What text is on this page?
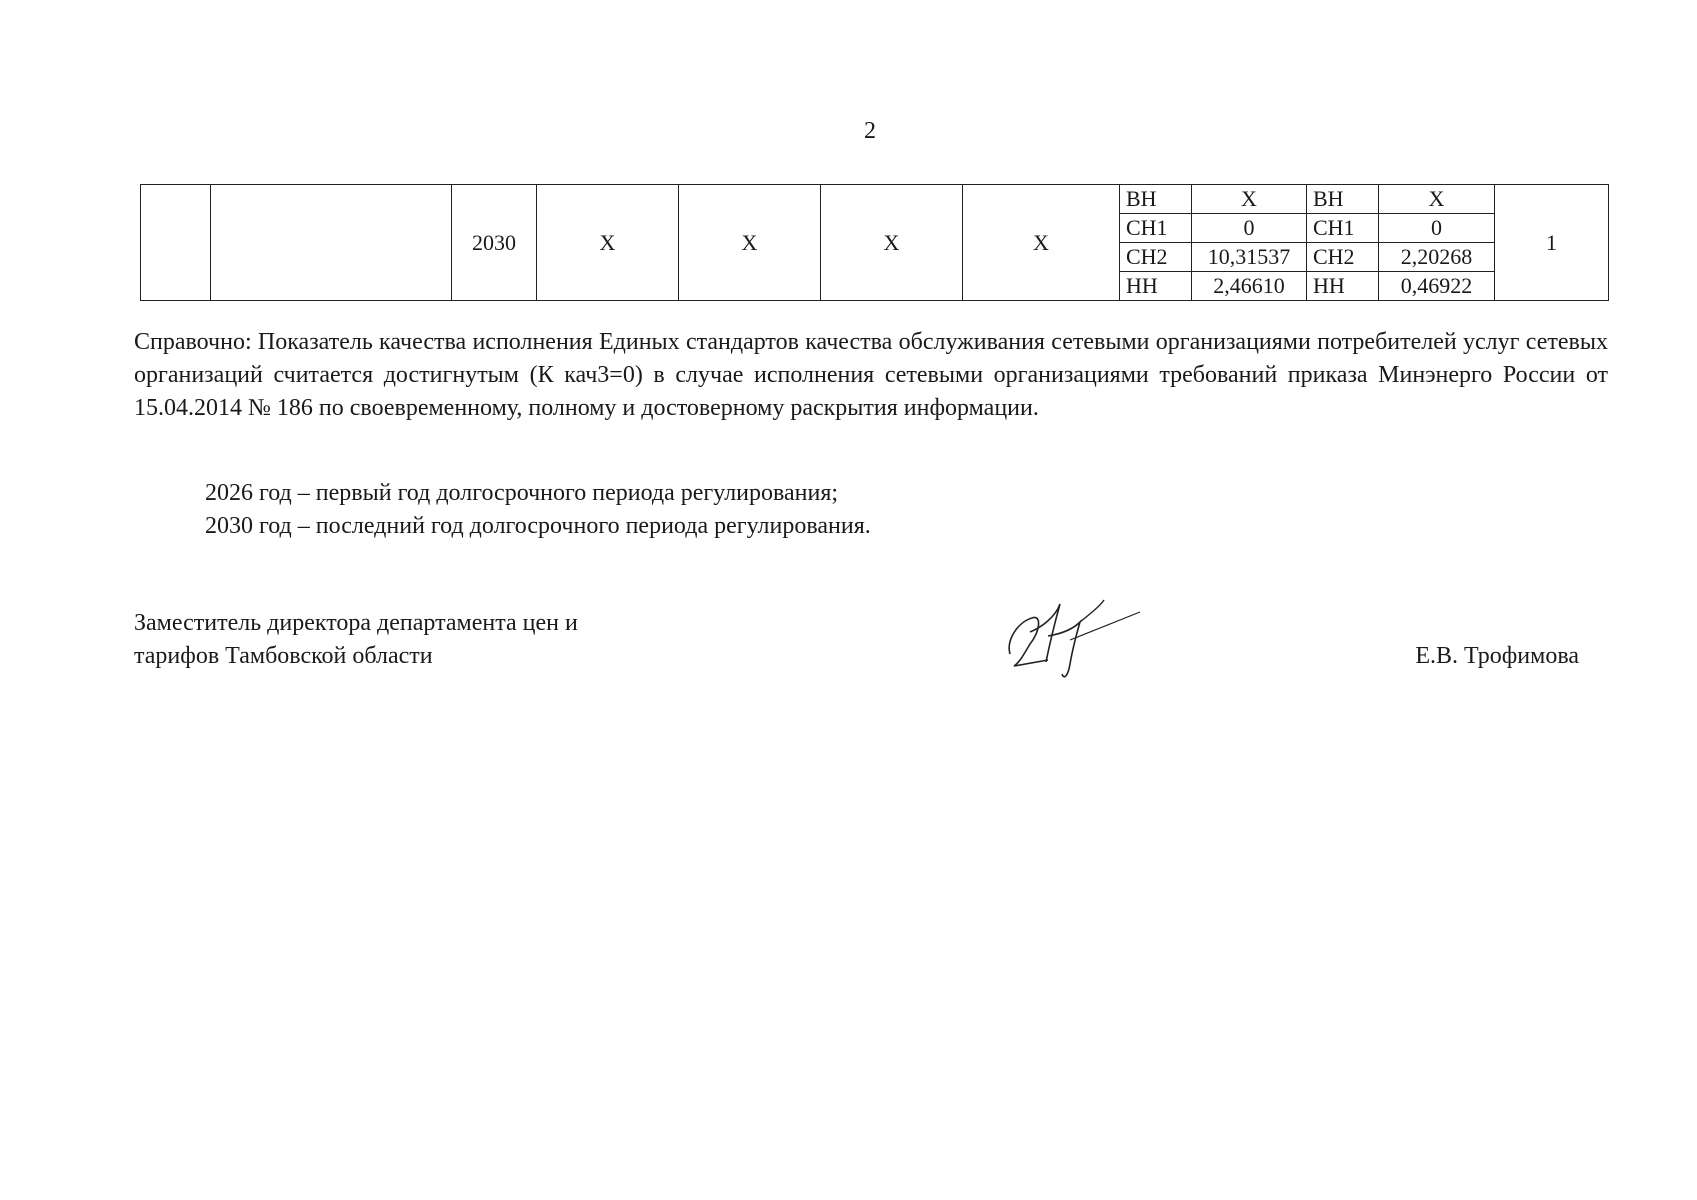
2
		2030	X	X	X	X	ВН	X	ВН	X	1
							СН1	0	СН1	0	
							СН2	10,31537	СН2	2,20268	
							НН	2,46610	НН	0,46922	
Справочно: Показатель качества исполнения Единых стандартов качества обслуживания сетевыми организациями потребителей услуг сетевых организаций считается достигнутым (К кач3=0) в случае исполнения сетевыми организациями требований приказа Минэнерго России от 15.04.2014 № 186 по своевременному, полному и достоверному раскрытия информации.
2026 год – первый год долгосрочного периода регулирования;
2030 год – последний год долгосрочного периода регулирования.
Заместитель директора департамента цен и
тарифов Тамбовской области	Е.В. Трофимова
